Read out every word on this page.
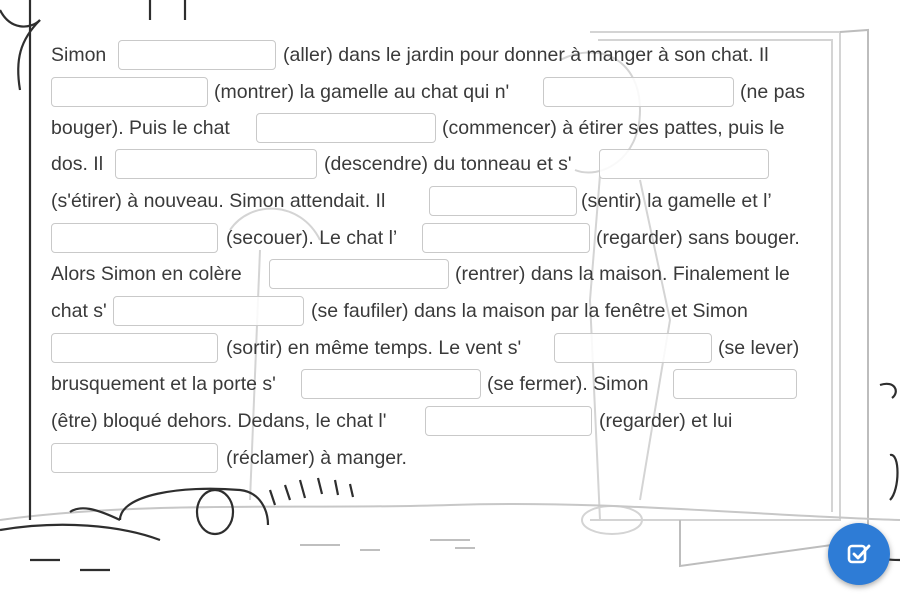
Simon	(aller) dans le jardin pour donner à manger à son chat. Il
(montrer) la gamelle au chat qui n'	(ne pas
bouger). Puis le chat	(commencer) à étirer ses pattes, puis le
dos. Il	(descendre) du tonneau et s'
(s'étirer) à nouveau. Simon attendait. Il	(sentir) la gamelle et l’
(secouer). Le chat l’	(regarder) sans bouger.
Alors Simon en colère	(rentrer) dans la maison. Finalement le
chat s'	(se faufiler) dans la maison par la fenêtre et Simon
(sortir) en même temps. Le vent s'	(se lever)
brusquement et la porte s'	(se fermer). Simon
(être) bloqué dehors. Dedans, le chat l'	(regarder) et lui
(réclamer) à manger.
